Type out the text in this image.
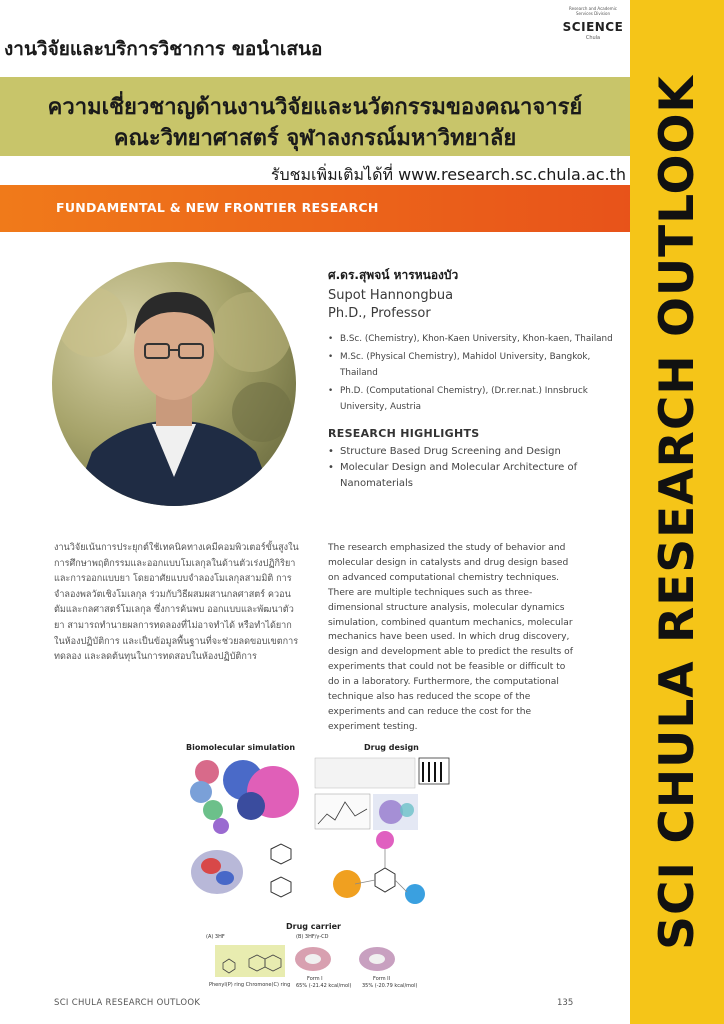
SCI CHULA RESEARCH OUTLOOK
Research and Academic Services Division
SCIENCE
Chula
งานวิจัยและบริการวิชาการ ขอนำเสนอ
ความเชี่ยวชาญด้านงานวิจัยและนวัตกรรมของคณาจารย์
คณะวิทยาศาสตร์ จุฬาลงกรณ์มหาวิทยาลัย
รับชมเพิ่มเติมได้ที่ www.research.sc.chula.ac.th
FUNDAMENTAL & NEW FRONTIER RESEARCH
ศ.ดร.สุพจน์ หารหนองบัว
Supot Hannongbua
Ph.D., Professor
• B.Sc. (Chemistry), Khon-Kaen University, Khon-kaen, Thailand
• M.Sc. (Physical Chemistry), Mahidol University, Bangkok, Thailand
• Ph.D. (Computational Chemistry), (Dr.rer.nat.) Innsbruck University, Austria
RESEARCH HIGHLIGHTS
• Structure Based Drug Screening and Design
• Molecular Design and Molecular Architecture of Nanomaterials
งานวิจัยเน้นการประยุกต์ใช้เทคนิคทางเคมีคอมพิวเตอร์ขั้นสูงในการศึกษาพฤติกรรมและออกแบบโมเลกุลในด้านตัวเร่งปฏิกิริยาและการออกแบบยา โดยอาศัยแบบจำลองโมเลกุลสามมิติ การจำลองพลวัตเชิงโมเลกุล ร่วมกับวิธีผสมผสานกลศาสตร์ ควอนตัมและกลศาสตร์โมเลกุล ซึ่งการค้นพบ ออกแบบและพัฒนาตัวยา สามารถทำนายผลการทดลองที่ไม่อาจทำได้ หรือทำได้ยากในห้องปฏิบัติการ และเป็นข้อมูลพื้นฐานที่จะช่วยลดขอบเขตการทดลอง และลดต้นทุนในการทดสอบในห้องปฏิบัติการ
The research emphasized the study of behavior and molecular design in catalysts and drug design based on advanced computational chemistry techniques. There are multiple techniques such as three-dimensional structure analysis, molecular dynamics simulation, combined quantum mechanics, molecular mechanics have been used. In which drug discovery, design and development able to predict the results of experiments that could not be feasible or difficult to do in a laboratory. Furthermore, the computational technique also has reduced the scope of the experiments and can reduce the cost for the experiment testing.
Biomolecular simulation	Drug design
Drug carrier
(A) 3HF	(B) 3HF/γ-CD
Phenyl(P) ring Chromone(C) ring
Form I
65% (-21.42 kcal/mol)
Form II
35% (-20.79 kcal/mol)
SCI CHULA RESEARCH OUTLOOK	135
